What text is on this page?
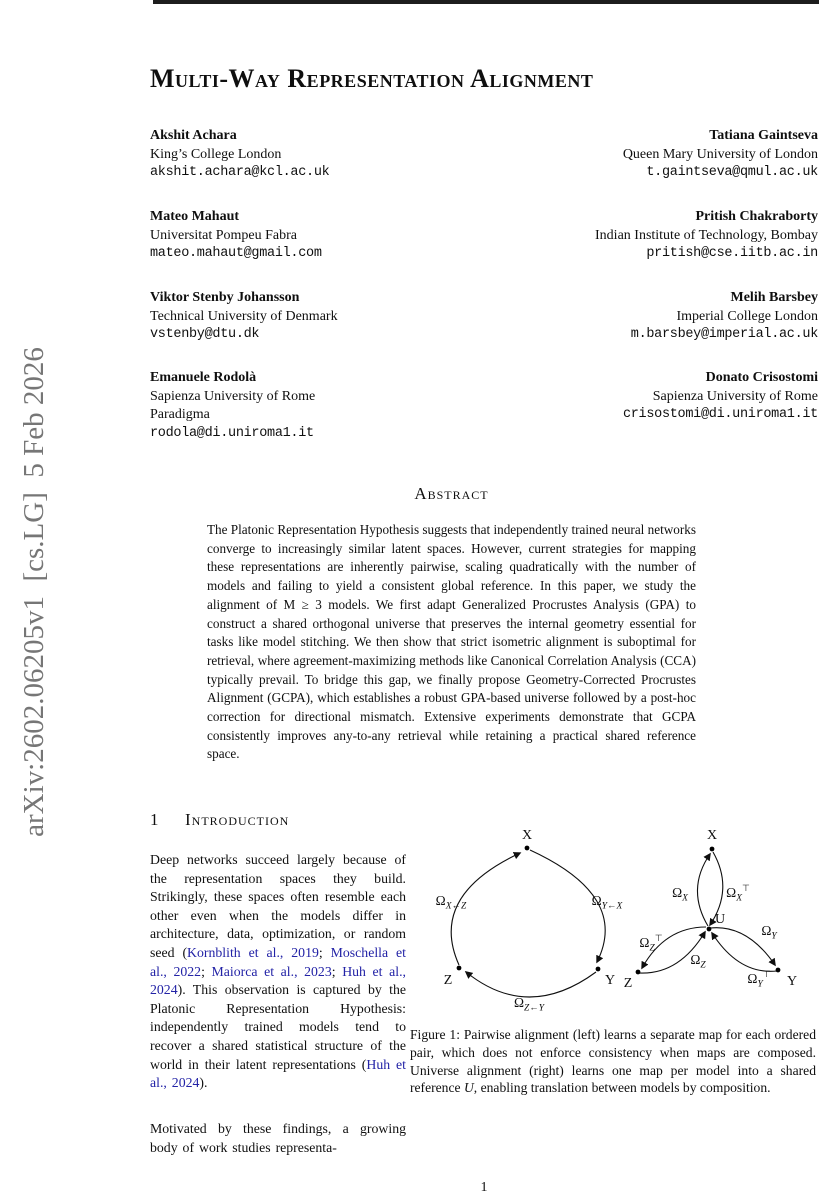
arXiv:2602.06205v1  [cs.LG]  5 Feb 2026
Multi-Way Representation Alignment
Akshit Achara
King’s College London
akshit.achara@kcl.ac.uk
Tatiana Gaintseva
Queen Mary University of London
t.gaintseva@qmul.ac.uk
Mateo Mahaut
Universitat Pompeu Fabra
mateo.mahaut@gmail.com
Pritish Chakraborty
Indian Institute of Technology, Bombay
pritish@cse.iitb.ac.in
Viktor Stenby Johansson
Technical University of Denmark
vstenby@dtu.dk
Melih Barsbey
Imperial College London
m.barsbey@imperial.ac.uk
Emanuele Rodolà
Sapienza University of Rome
Paradigma
rodola@di.uniroma1.it
Donato Crisostomi
Sapienza University of Rome
crisostomi@di.uniroma1.it
Abstract
The Platonic Representation Hypothesis suggests that independently trained neural networks converge to increasingly similar latent spaces. However, current strategies for mapping these representations are inherently pairwise, scaling quadratically with the number of models and failing to yield a consistent global reference. In this paper, we study the alignment of M ≥ 3 models. We first adapt Generalized Procrustes Analysis (GPA) to construct a shared orthogonal universe that preserves the internal geometry essential for tasks like model stitching. We then show that strict isometric alignment is suboptimal for retrieval, where agreement-maximizing methods like Canonical Correlation Analysis (CCA) typically prevail. To bridge this gap, we finally propose Geometry-Corrected Procrustes Alignment (GCPA), which establishes a robust GPA-based universe followed by a post-hoc correction for directional mismatch. Extensive experiments demonstrate that GCPA consistently improves any-to-any retrieval while retaining a practical shared reference space.
1 Introduction

Deep networks succeed largely because of the representation spaces they build. Strikingly, these spaces often resemble each other even when the models differ in architecture, data, optimization, or random seed (Kornblith et al., 2019; Moschella et al., 2022; Maiorca et al., 2023; Huh et al., 2024). This observation is captured by the Platonic Representation Hypothesis: independently trained models tend to recover a shared statistical structure of the world in their latent representations (Huh et al., 2024).

Motivated by these findings, a growing body of work studies representa-

X
Z	Y
$\Omega_{X\leftarrow Z}$	$\Omega_{Y\leftarrow X}$
$\Omega_{Z\leftarrow Y}$
X
U
Z	Y
$\Omega_X$	$\Omega_X^⊤$
$\Omega_Y$
$\Omega_Y^⊤$
$\Omega_Z^⊤$
$\Omega_Z$

Figure 1: Pairwise alignment (left) learns a separate map for each ordered pair, which does not enforce consistency when maps are composed. Universe alignment (right) learns one map per model into a shared reference U, enabling translation between models by composition.

1
